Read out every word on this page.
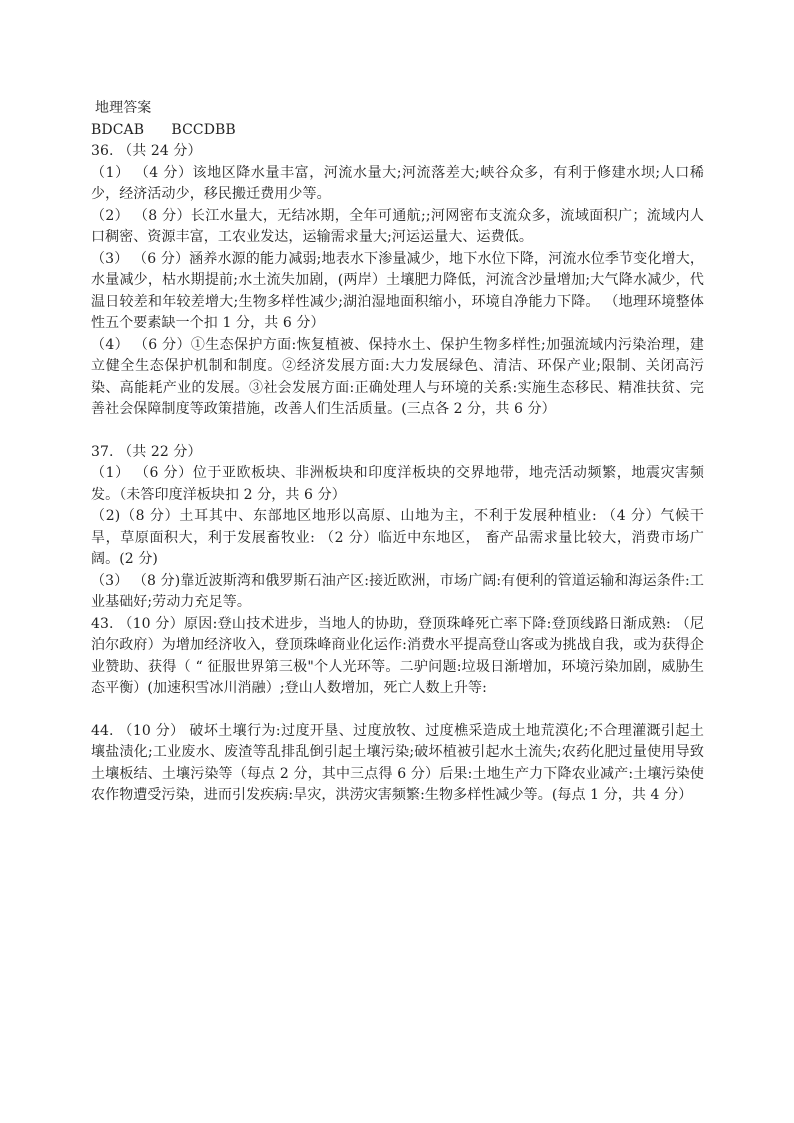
地理答案

BDCAB      BCCDBB

36. （共 24 分）

（1） （4 分）该地区降水量丰富，河流水量大;河流落差大;峡谷众多，有利于修建水坝;人口稀少，经济活动少，移民搬迁费用少等。

（2） （8 分）长江水量大，无结冰期，全年可通航;;河网密布支流众多，流域面积广；流域内人口稠密、资源丰富，工农业发达，运输需求量大;河运运量大、运费低。

（3） （6 分）涵养水源的能力减弱;地表水下渗量减少，地下水位下降，河流水位季节变化增大，水量减少，枯水期提前;水土流失加剧，(两岸）土壤肥力降低，河流含沙量增加;大气降水减少，代温日较差和年较差增大;生物多样性减少;湖泊湿地面积缩小，环境自净能力下降。 （地理环境整体性五个要素缺一个扣 1 分，共 6 分）

（4） （6 分）①生态保护方面:恢复植被、保持水土、保护生物多样性;加强流域内污染治理，建立健全生态保护机制和制度。②经济发展方面:大力发展绿色、清洁、环保产业;限制、关闭高污染、高能耗产业的发展。③社会发展方面:正确处理人与环境的关系:实施生态移民、精准扶贫、完善社会保障制度等政策措施，改善人们生活质量。(三点各 2 分，共 6 分）

37. （共 22 分）

（1） （6 分）位于亚欧板块、非洲板块和印度洋板块的交界地带，地壳活动频繁，地震灾害频发。（未答印度洋板块扣 2 分，共 6 分）

（2)（8 分）土耳其中、东部地区地形以高原、山地为主，不利于发展种植业: （4 分）气候干旱，草原面积大，利于发展畜牧业: （2 分）临近中东地区， 畜产品需求量比较大，消费市场广阔。(2 分)

（3） （8 分)靠近波斯湾和俄罗斯石油产区:接近欧洲，市场广阔:有便利的管道运输和海运条件:工业基础好;劳动力充足等。

43. （10 分）原因:登山技术进步，当地人的协助，登顶珠峰死亡率下降:登顶线路日渐成熟: （尼泊尔政府）为增加经济收入，登顶珠峰商业化运作:消费水平提高登山客或为挑战自我，或为获得企业赞助、获得（ “ 征服世界第三极"个人光环等。二驴问题:垃圾日渐增加，环境污染加剧，威胁生态平衡）(加速积雪冰川消融）;登山人数增加，死亡人数上升等:

44. （10 分） 破坏土壤行为:过度开垦、过度放牧、过度樵采造成土地荒漠化;不合理灌溉引起土壤盐渍化;工业废水、废渣等乱排乱倒引起土壤污染;破坏植被引起水土流失;农药化肥过量使用导致土壤板结、土壤污染等（每点 2 分，其中三点得 6 分）后果:土地生产力下降农业减产:土壤污染使农作物遭受污染，进而引发疾病:旱灾，洪涝灾害频繁:生物多样性减少等。(每点 1 分，共 4 分）
